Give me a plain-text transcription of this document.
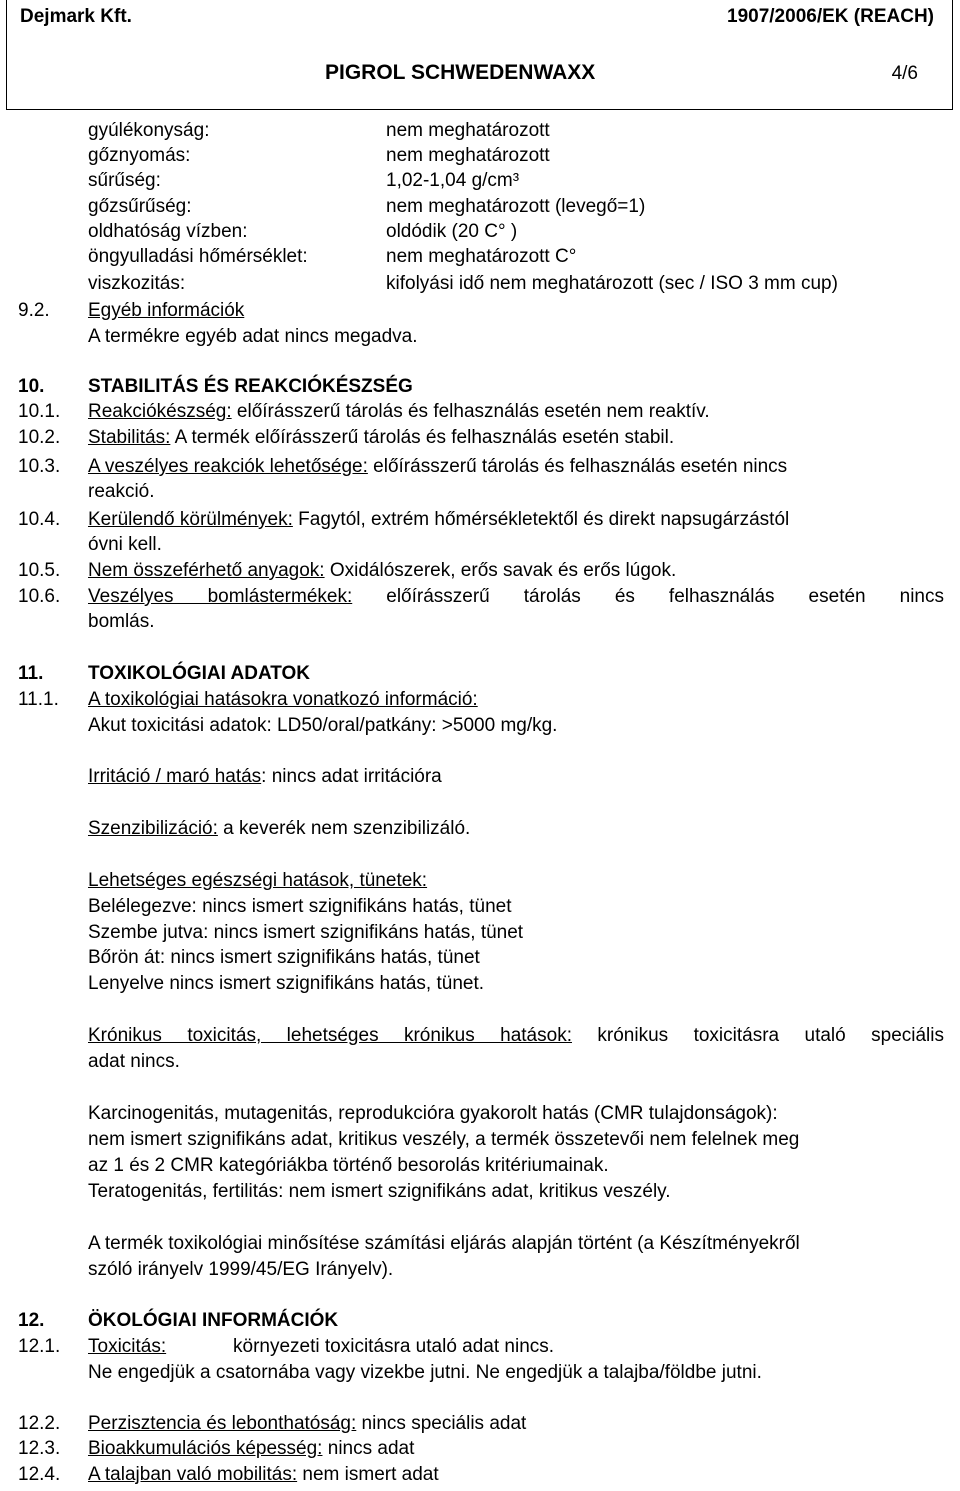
Dejmark Kft.	1907/2006/EK (REACH)
PIGROL SCHWEDENWAXX	4/6
gyúlékonyság:	nem meghatározott
gőznyomás:	nem meghatározott
sűrűség:	1,02-1,04 g/cm³
gőzsűrűség:	nem meghatározott (levegő=1)
oldhatóság vízben:	oldódik (20 C° )
öngyulladási hőmérséklet:	nem meghatározott C°
viszkozitás:	kifolyási idő nem meghatározott (sec / ISO 3 mm cup)
9.2. Egyéb információk
A termékre egyéb adat nincs megadva.
10. STABILITÁS ÉS REAKCIÓKÉSZSÉG
10.1. Reakciókészség: előírásszerű tárolás és felhasználás esetén nem reaktív.
10.2. Stabilitás: A termék előírásszerű tárolás és felhasználás esetén stabil.
10.3. A veszélyes reakciók lehetősége: előírásszerű tárolás és felhasználás esetén nincs
reakció.
10.4. Kerülendő körülmények: Fagytól, extrém hőmérsékletektől és direkt napsugárzástól
óvni kell.
10.5. Nem összeférhető anyagok: Oxidálószerek, erős savak és erős lúgok.
10.6. Veszélyes bomlástermékek: előírásszerű tárolás és felhasználás esetén nincs
bomlás.
11. TOXIKOLÓGIAI ADATOK
11.1. A toxikológiai hatásokra vonatkozó információ:
Akut toxicitási adatok: LD50/oral/patkány: >5000 mg/kg.
Irritáció / maró hatás: nincs adat irritációra
Szenzibilizáció: a keverék nem szenzibilizáló.
Lehetséges egészségi hatások, tünetek:
Belélegezve: nincs ismert szignifikáns hatás, tünet
Szembe jutva: nincs ismert szignifikáns hatás, tünet
Bőrön át: nincs ismert szignifikáns hatás, tünet
Lenyelve nincs ismert szignifikáns hatás, tünet.
Krónikus toxicitás, lehetséges krónikus hatások: krónikus toxicitásra utaló speciális
adat nincs.
Karcinogenitás, mutagenitás, reprodukcióra gyakorolt hatás (CMR tulajdonságok):
nem ismert szignifikáns adat, kritikus veszély, a termék összetevői nem felelnek meg
az 1 és 2 CMR kategóriákba történő besorolás kritériumainak.
Teratogenitás, fertilitás: nem ismert szignifikáns adat, kritikus veszély.
A termék toxikológiai minősítése számítási eljárás alapján történt (a Készítményekről
szóló irányelv 1999/45/EG Irányelv).
12. ÖKOLÓGIAI INFORMÁCIÓK
12.1. Toxicitás:	környezeti toxicitásra utaló adat nincs.
Ne engedjük a csatornába vagy vizekbe jutni. Ne engedjük a talajba/földbe jutni.
12.2. Perzisztencia és lebonthatóság: nincs speciális adat
12.3. Bioakkumulációs képesség: nincs adat
12.4. A talajban való mobilitás: nem ismert adat
